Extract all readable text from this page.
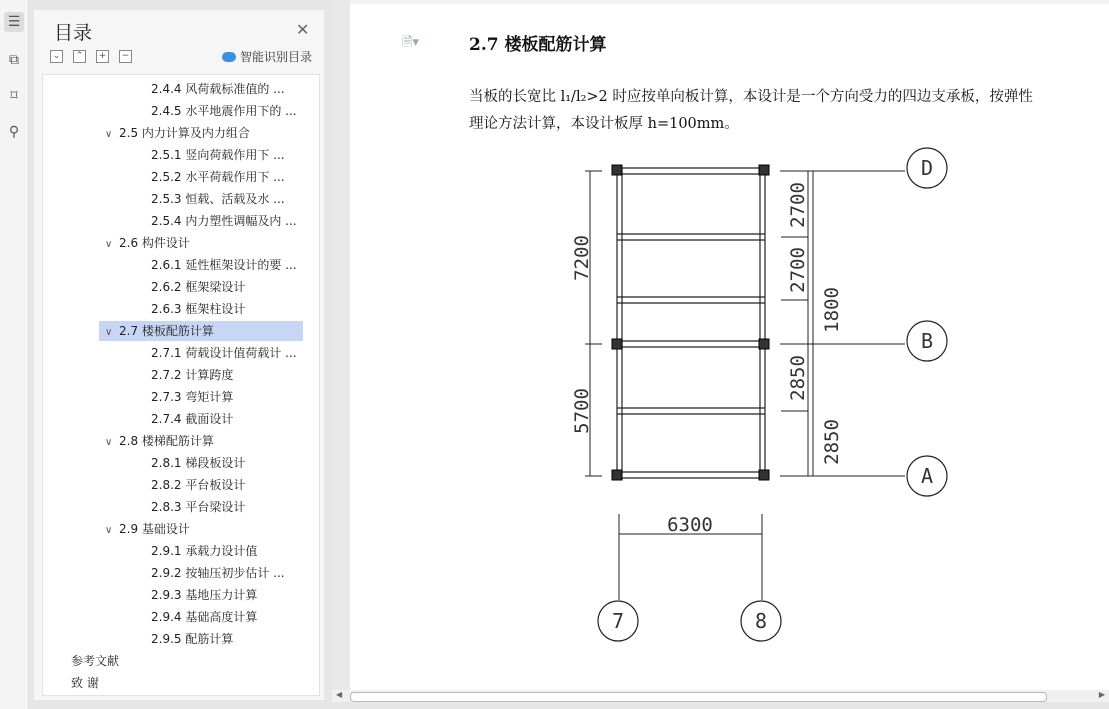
☰
⧉
⌑
⚲
目录	✕
⌄	⌃	+	−	智能识别目录
2.4.4 风荷载标准值的 ...
2.4.5 水平地震作用下的 ...
∨ 2.5 内力计算及内力组合
2.5.1 竖向荷载作用下 ...
2.5.2 水平荷载作用下 ...
2.5.3 恒载、活载及水 ...
2.5.4 内力塑性调幅及内 ...
∨ 2.6 构件设计
2.6.1 延性框架设计的要 ...
2.6.2 框架梁设计
2.6.3 框架柱设计
∨ 2.7 楼板配筋计算
2.7.1 荷载设计值荷载计 ...
2.7.2 计算跨度
2.7.3 弯矩计算
2.7.4 截面设计
∨ 2.8 楼梯配筋计算
2.8.1 梯段板设计
2.8.2 平台板设计
2.8.3 平台梁设计
∨ 2.9 基础设计
2.9.1 承载力设计值
2.9.2 按轴压初步估计 ...
2.9.3 基地压力计算
2.9.4 基础高度计算
2.9.5 配筋计算
参考文献
致 谢
🗎▾	2.7 楼板配筋计算
当板的长宽比 l₁/l₂>2 时应按单向板计算，本设计是一个方向受力的四边支承板，按弹性理论方法计算，本设计板厚 h=100mm。
D
B
A
7	8
7200
5700
2700
2700
2850
1800
2850
6300
◀	▶
